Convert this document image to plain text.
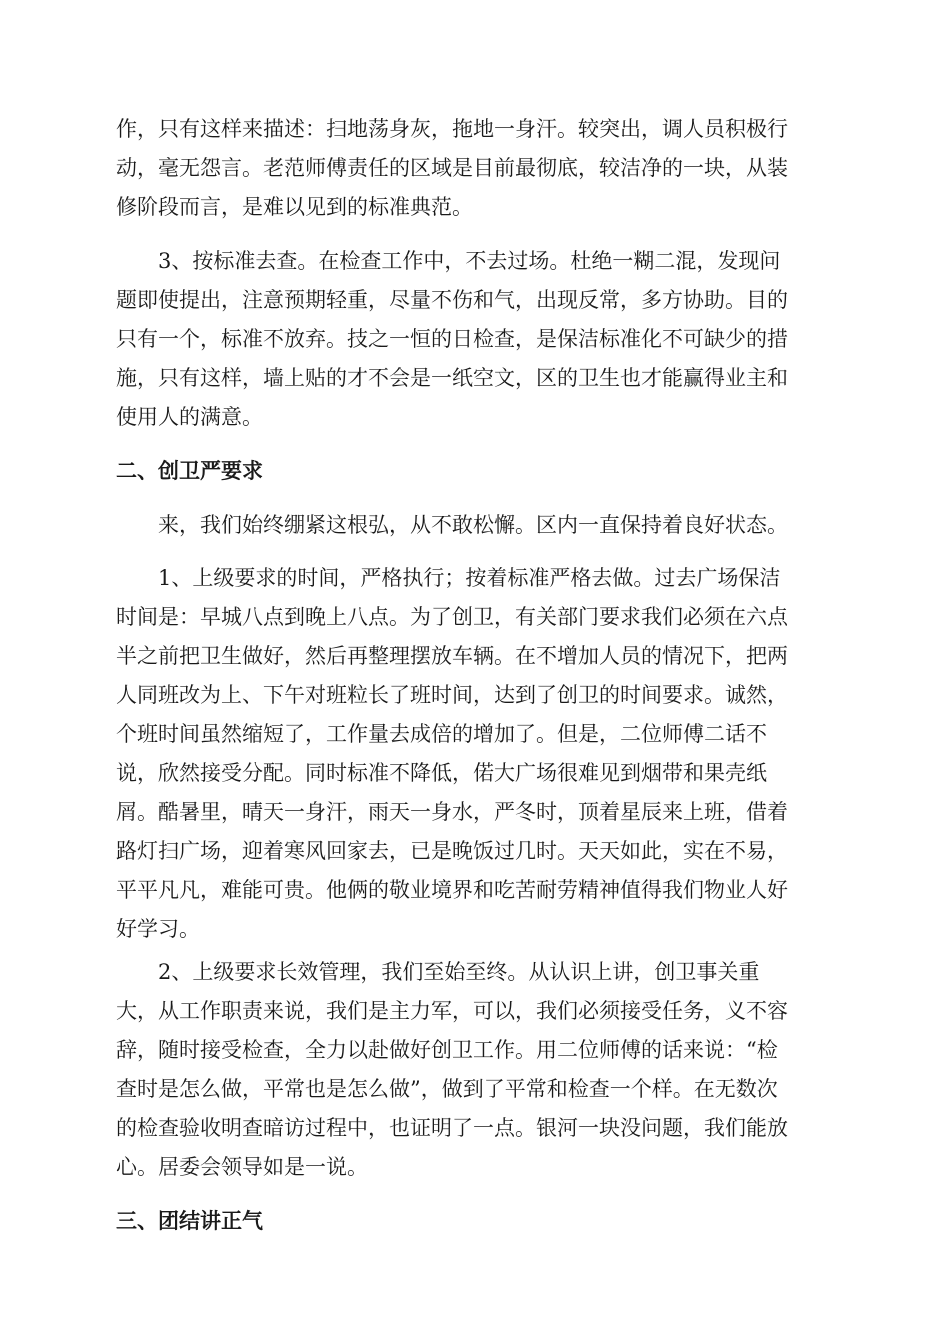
作，只有这样来描述：扫地荡身灰，拖地一身汗。较突出，调人员积极行
动，毫无怨言。老范师傅责任的区域是目前最彻底，较洁净的一块，从装
修阶段而言，是难以见到的标准典范。
3、按标准去查。在检查工作中，不去过场。杜绝一糊二混，发现问
题即使提出，注意预期轻重，尽量不伤和气，出现反常，多方协助。目的
只有一个，标准不放弃。技之一恒的日检查，是保洁标准化不可缺少的措
施，只有这样，墙上贴的才不会是一纸空文，区的卫生也才能赢得业主和
使用人的满意。
二、创卫严要求
来，我们始终绷紧这根弘，从不敢松懈。区内一直保持着良好状态。
1、上级要求的时间，严格执行；按着标准严格去做。过去广场保洁
时间是：早城八点到晚上八点。为了创卫，有关部门要求我们必须在六点
半之前把卫生做好，然后再整理摆放车辆。在不增加人员的情况下，把两
人同班改为上、下午对班粒长了班时间，达到了创卫的时间要求。诚然，
个班时间虽然缩短了，工作量去成倍的增加了。但是，二位师傅二话不
说，欣然接受分配。同时标准不降低，偌大广场很难见到烟带和果壳纸
屑。酷暑里，晴天一身汗，雨天一身水，严冬时，顶着星辰来上班，借着
路灯扫广场，迎着寒风回家去，已是晚饭过几时。天天如此，实在不易，
平平凡凡，难能可贵。他俩的敬业境界和吃苦耐劳精神值得我们物业人好
好学习。
2、上级要求长效管理，我们至始至终。从认识上讲，创卫事关重
大，从工作职责来说，我们是主力军，可以，我们必须接受任务，义不容
辞，随时接受检查，全力以赴做好创卫工作。用二位师傅的话来说：“检
查时是怎么做，平常也是怎么做”，做到了平常和检查一个样。在无数次
的检查验收明查暗访过程中，也证明了一点。银河一块没问题，我们能放
心。居委会领导如是一说。
三、团结讲正气
